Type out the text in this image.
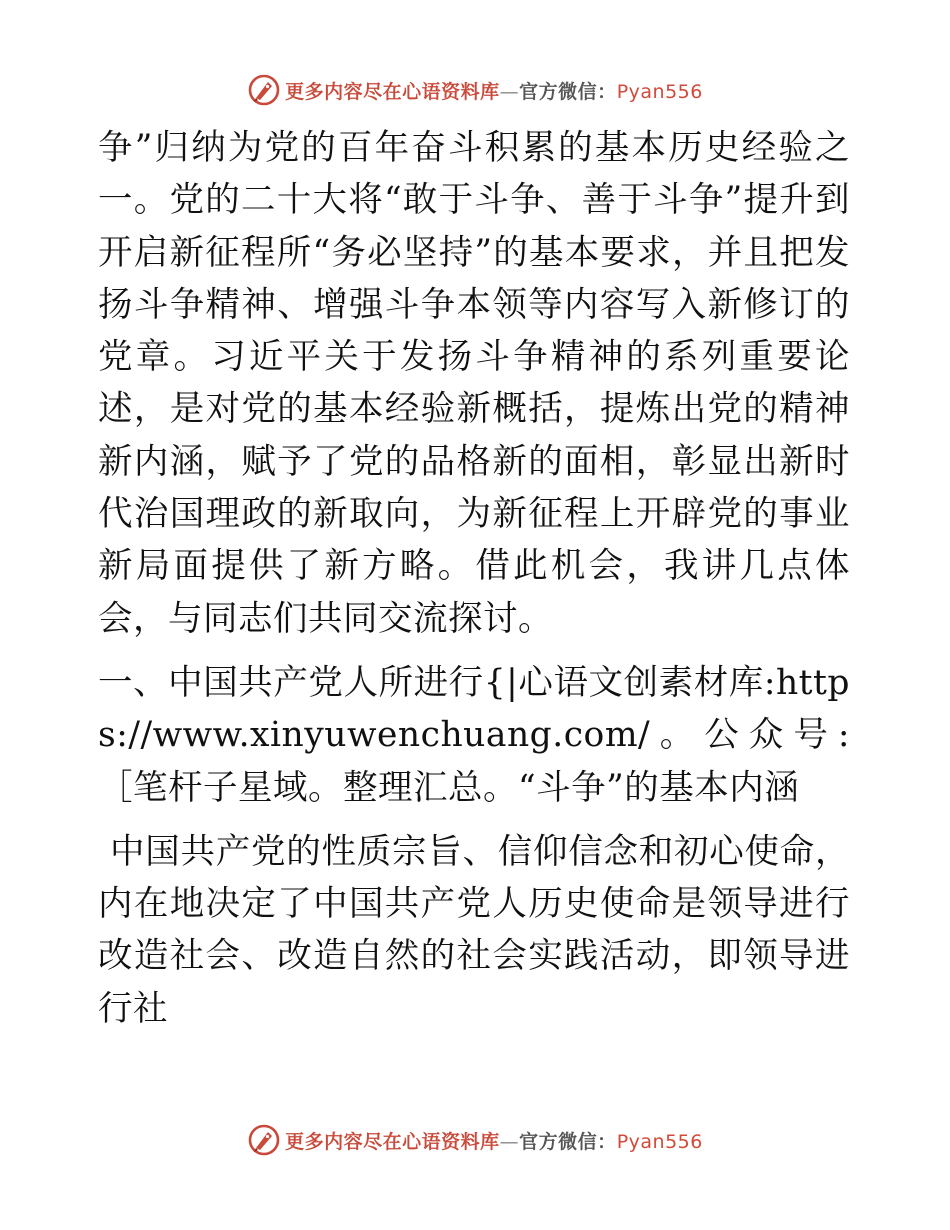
更多内容尽在心语资料库—官方微信：Pyan556

争”归纳为党的百年奋斗积累的基本历史经验之一。党的二十大将“敢于斗争、善于斗争”提升到开启新征程所“务必坚持”的基本要求，并且把发扬斗争精神、增强斗争本领等内容写入新修订的党章。习近平关于发扬斗争精神的系列重要论述，是对党的基本经验新概括，提炼出党的精神新内涵，赋予了党的品格新的面相，彰显出新时代治国理政的新取向，为新征程上开辟党的事业新局面提供了新方略。借此机会，我讲几点体会，与同志们共同交流探讨。

一、中国共产党人所进行{|心语文创素材库:https://www.xinyuwenchuang.com/。公众号:［笔杆子星域。整理汇总。“斗争”的基本内涵

中国共产党的性质宗旨、信仰信念和初心使命，内在地决定了中国共产党人历史使命是领导进行改造社会、改造自然的社会实践活动，即领导进行社

更多内容尽在心语资料库—官方微信：Pyan556
